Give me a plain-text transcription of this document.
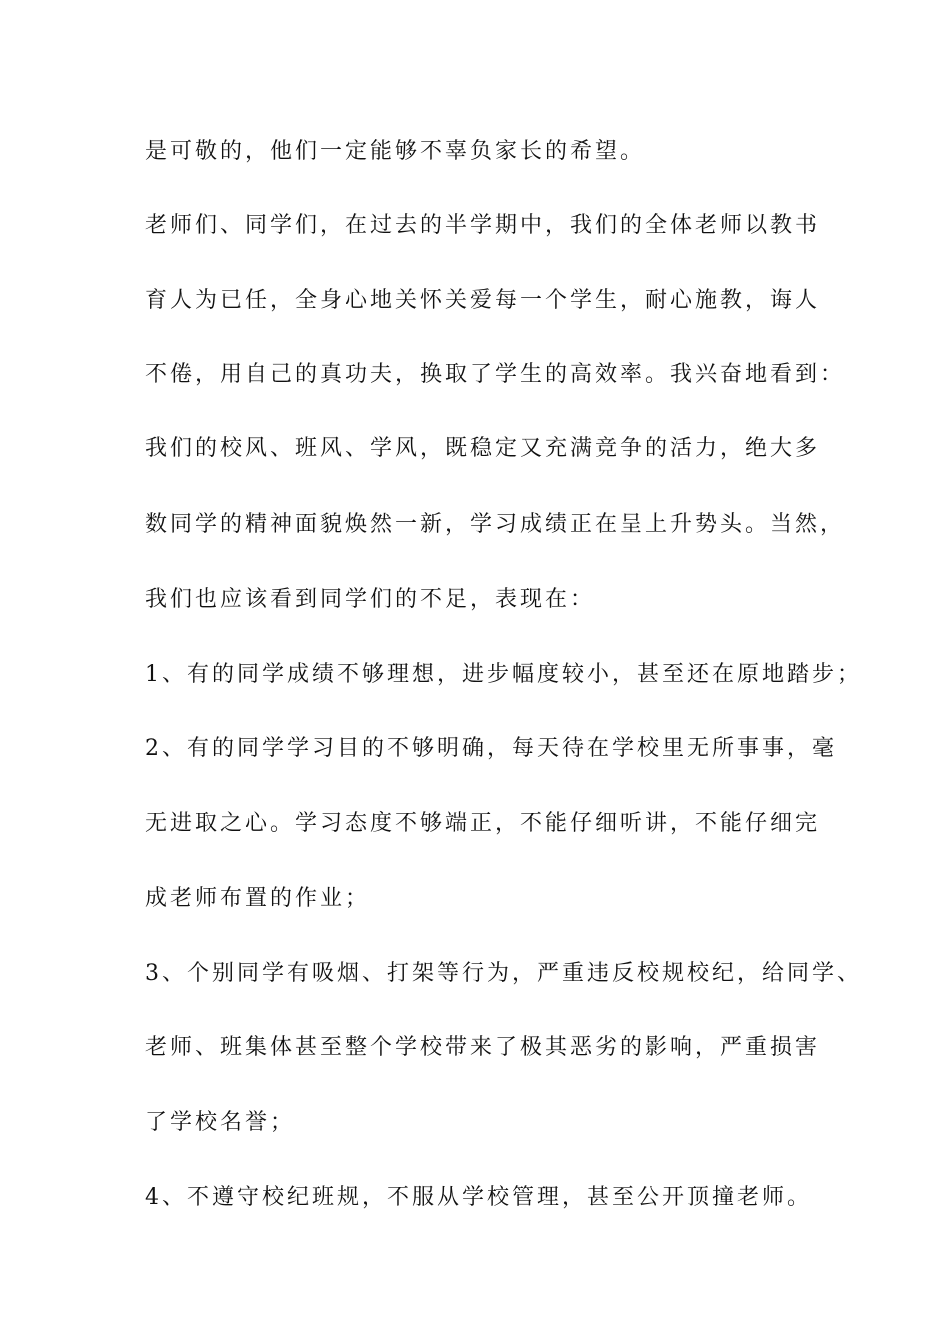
是可敬的，他们一定能够不辜负家长的希望。
老师们、同学们，在过去的半学期中，我们的全体老师以教书
育人为已任，全身心地关怀关爱每一个学生，耐心施教，诲人
不倦，用自己的真功夫，换取了学生的高效率。我兴奋地看到：
我们的校风、班风、学风，既稳定又充满竞争的活力，绝大多
数同学的精神面貌焕然一新，学习成绩正在呈上升势头。当然，
我们也应该看到同学们的不足，表现在：
1、有的同学成绩不够理想，进步幅度较小，甚至还在原地踏步；
2、有的同学学习目的不够明确，每天待在学校里无所事事，毫
无进取之心。学习态度不够端正，不能仔细听讲，不能仔细完
成老师布置的作业；
3、个别同学有吸烟、打架等行为，严重违反校规校纪，给同学、
老师、班集体甚至整个学校带来了极其恶劣的影响，严重损害
了学校名誉；
4、不遵守校纪班规，不服从学校管理，甚至公开顶撞老师。
